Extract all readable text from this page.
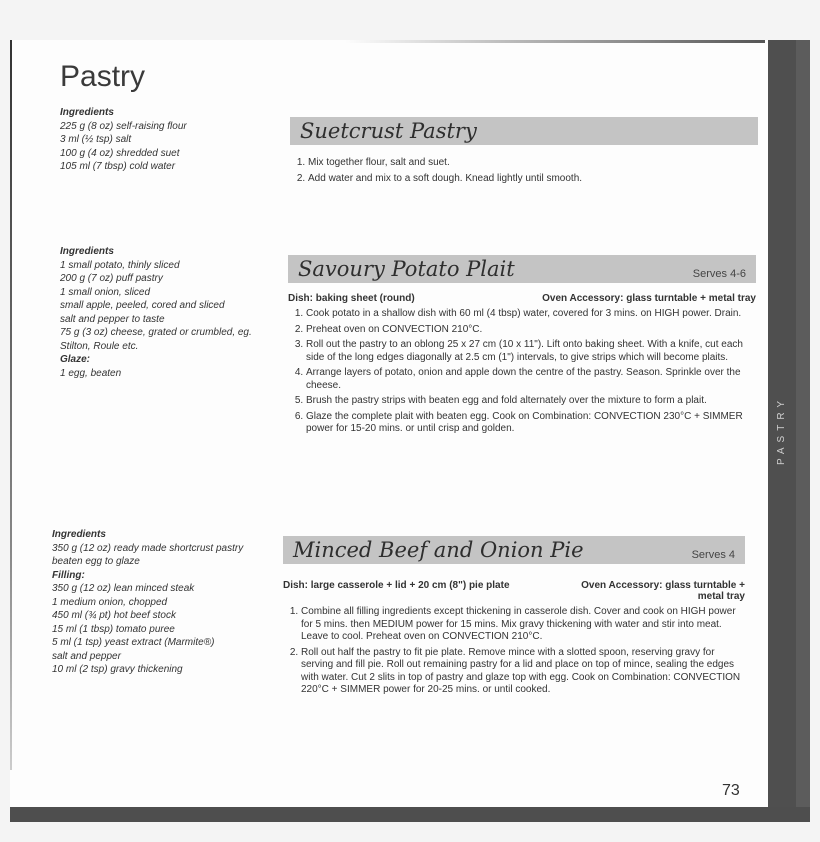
PASTRY
Pastry
Ingredients
225 g (8 oz) self-raising flour
3 ml (½ tsp) salt
100 g (4 oz) shredded suet
105 ml (7 tbsp) cold water
Suetcrust Pastry
1. Mix together flour, salt and suet.
2. Add water and mix to a soft dough. Knead lightly until smooth.
Ingredients
1 small potato, thinly sliced
200 g (7 oz) puff pastry
1 small onion, sliced
small apple, peeled, cored and sliced
salt and pepper to taste
75 g (3 oz) cheese, grated or crumbled, eg.
Stilton, Roule etc.
Glaze:
1 egg, beaten
Savoury Potato Plait	Serves 4-6
Dish: baking sheet (round)	Oven Accessory: glass turntable + metal tray
1. Cook potato in a shallow dish with 60 ml (4 tbsp) water, covered for 3 mins. on HIGH power. Drain.
2. Preheat oven on CONVECTION 210°C.
3. Roll out the pastry to an oblong 25 x 27 cm (10 x 11"). Lift onto baking sheet. With a knife, cut each side of the long edges diagonally at 2.5 cm (1") intervals, to give strips which will become plaits.
4. Arrange layers of potato, onion and apple down the centre of the pastry. Season. Sprinkle over the cheese.
5. Brush the pastry strips with beaten egg and fold alternately over the mixture to form a plait.
6. Glaze the complete plait with beaten egg. Cook on Combination: CONVECTION 230°C + SIMMER power for 15-20 mins. or until crisp and golden.
Ingredients
350 g (12 oz) ready made shortcrust pastry
beaten egg to glaze
Filling:
350 g (12 oz) lean minced steak
1 medium onion, chopped
450 ml (¾ pt) hot beef stock
15 ml (1 tbsp) tomato puree
5 ml (1 tsp) yeast extract (Marmite®)
salt and pepper
10 ml (2 tsp) gravy thickening
Minced Beef and Onion Pie	Serves 4
Dish: large casserole + lid + 20 cm (8") pie plate	Oven Accessory: glass turntable + metal tray
1. Combine all filling ingredients except thickening in casserole dish. Cover and cook on HIGH power for 5 mins. then MEDIUM power for 15 mins. Mix gravy thickening with water and stir into meat. Leave to cool. Preheat oven on CONVECTION 210°C.
2. Roll out half the pastry to fit pie plate. Remove mince with a slotted spoon, reserving gravy for serving and fill pie. Roll out remaining pastry for a lid and place on top of mince, sealing the edges with water. Cut 2 slits in top of pastry and glaze top with egg. Cook on Combination: CONVECTION 220°C + SIMMER power for 20-25 mins. or until cooked.
73
